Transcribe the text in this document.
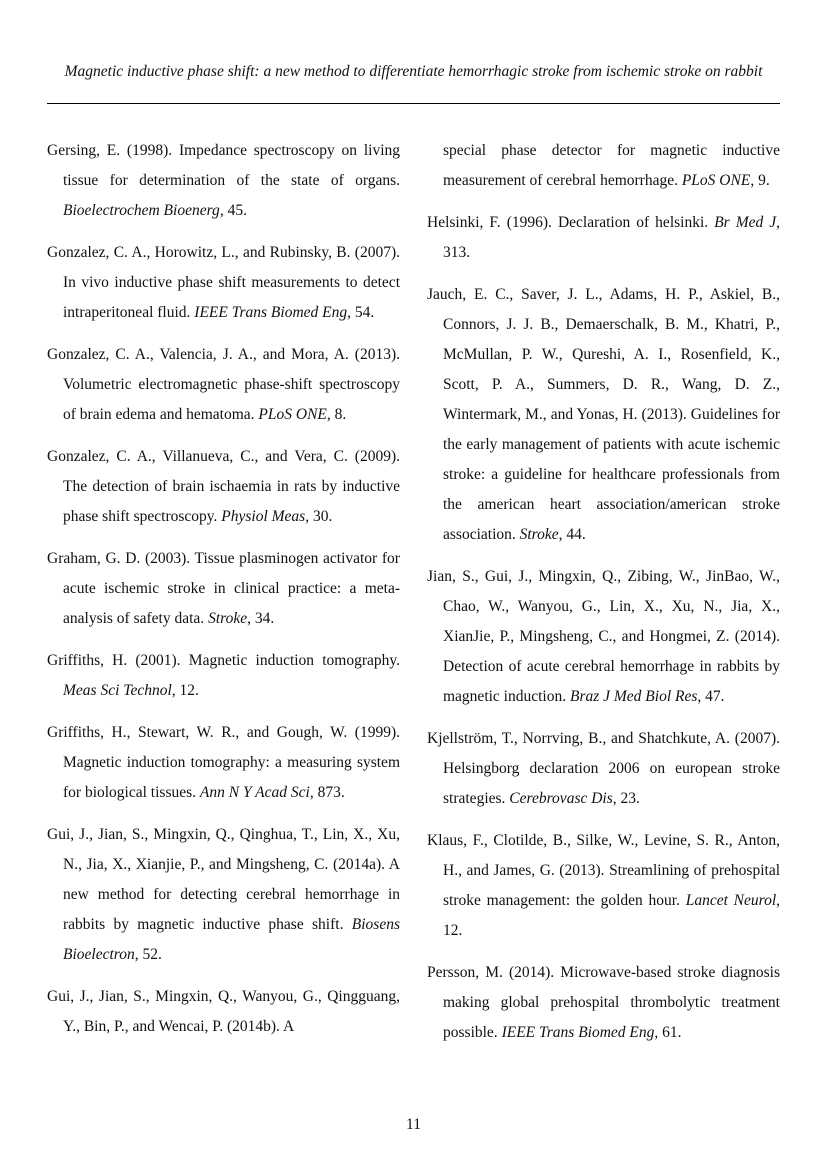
Magnetic inductive phase shift: a new method to differentiate hemorrhagic stroke from ischemic stroke on rabbit

Gersing, E. (1998). Impedance spectroscopy on living tissue for determination of the state of organs. Bioelectrochem Bioenerg, 45.

Gonzalez, C. A., Horowitz, L., and Rubinsky, B. (2007). In vivo inductive phase shift measurements to detect intraperitoneal fluid. IEEE Trans Biomed Eng, 54.

Gonzalez, C. A., Valencia, J. A., and Mora, A. (2013). Volumetric electromagnetic phase-shift spectroscopy of brain edema and hematoma. PLoS ONE, 8.

Gonzalez, C. A., Villanueva, C., and Vera, C. (2009). The detection of brain ischaemia in rats by inductive phase shift spectroscopy. Physiol Meas, 30.

Graham, G. D. (2003). Tissue plasminogen activator for acute ischemic stroke in clinical practice: a meta-analysis of safety data. Stroke, 34.

Griffiths, H. (2001). Magnetic induction tomography. Meas Sci Technol, 12.

Griffiths, H., Stewart, W. R., and Gough, W. (1999). Magnetic induction tomography: a measuring system for biological tissues. Ann N Y Acad Sci, 873.

Gui, J., Jian, S., Mingxin, Q., Qinghua, T., Lin, X., Xu, N., Jia, X., Xianjie, P., and Mingsheng, C. (2014a). A new method for detecting cerebral hemorrhage in rabbits by magnetic inductive phase shift. Biosens Bioelectron, 52.

Gui, J., Jian, S., Mingxin, Q., Wanyou, G., Qingguang, Y., Bin, P., and Wencai, P. (2014b). A

special phase detector for magnetic inductive measurement of cerebral hemorrhage. PLoS ONE, 9.

Helsinki, F. (1996). Declaration of helsinki. Br Med J, 313.

Jauch, E. C., Saver, J. L., Adams, H. P., Askiel, B., Connors, J. J. B., Demaerschalk, B. M., Khatri, P., McMullan, P. W., Qureshi, A. I., Rosenfield, K., Scott, P. A., Summers, D. R., Wang, D. Z., Wintermark, M., and Yonas, H. (2013). Guidelines for the early management of patients with acute ischemic stroke: a guideline for healthcare professionals from the american heart association/american stroke association. Stroke, 44.

Jian, S., Gui, J., Mingxin, Q., Zibing, W., JinBao, W., Chao, W., Wanyou, G., Lin, X., Xu, N., Jia, X., XianJie, P., Mingsheng, C., and Hongmei, Z. (2014). Detection of acute cerebral hemorrhage in rabbits by magnetic induction. Braz J Med Biol Res, 47.

Kjellström, T., Norrving, B., and Shatchkute, A. (2007). Helsingborg declaration 2006 on european stroke strategies. Cerebrovasc Dis, 23.

Klaus, F., Clotilde, B., Silke, W., Levine, S. R., Anton, H., and James, G. (2013). Streamlining of prehospital stroke management: the golden hour. Lancet Neurol, 12.

Persson, M. (2014). Microwave-based stroke diagnosis making global prehospital thrombolytic treatment possible. IEEE Trans Biomed Eng, 61.

11
